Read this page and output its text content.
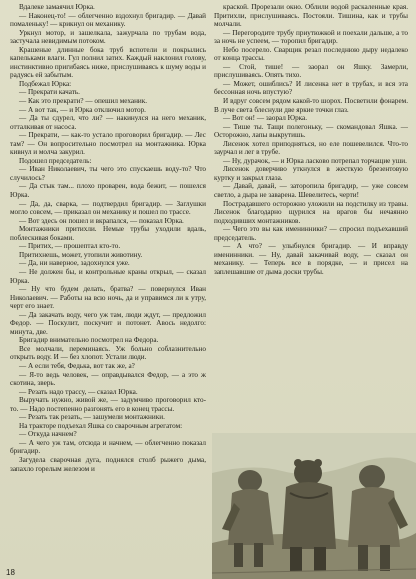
Вдалеке замаячил Юрка.

— Наконец-то! — облегченно вздохнул бригадир. — Давай помаленьку! — крикнул он механику.

Уркнул мотор, и зашелкала, зажурчала по трубам вода, застучала невидимым потоком.

Крашеные длинные бока труб вспотели и покрылись капельками влаги. Гул полнил затих. Каждый наклонил голову, инстинктивно пригибаясь ниже, прислушиваясь к шуму воды и радуясь ей забытым.

Подбежал Юрка:

— Прекрати качать.

— Как это прекрати? — опешил механик.

— А вот так, — и Юрка отключил мотор.

— Да ты сдурел, что ли? — накинулся на него механик, отталкивая от насоса.

— Прекрати, — как-то устало проговорил бригадир. — Лес там? — Он вопросительно посмотрел на монтажника. Юрка кивнул и молча закурил.

Подошел председатель:

— Иван Николаевич, ты чего это спускаешь воду-то? Что случилось?

— Да стык там... плохо проварен, вода бежит, — пошелся Юрка.

— Да, да, сварка, — подтвердил бригадир. — Заглушки могло совсем, — приказал он механику и пошел по трассе.

— Вот здесь он пошел и вкрапался, — показал Юрка.

Монтажники притихли. Немые трубы уходили вдаль, поблескивая боками.

— Притих, — прошептал кто-то.

Притихнешь, может, утопили животину.

— Да, ни наверное, задохнулся уже.

— Не должен бы, и контрольные краны открыл, — сказал Юрка.

— Ну что будем делать, братва? — повернулся Иван Николаевич. — Работы на всю ночь, да и управимся ли к утру, черт его знает.

— Да закачать воду, чего уж там, люди ждут, — предложил Федор. — Поскулит, поскучит и потонет. Авось недолго: минута, две.

Бригадир внимательно посмотрел на Федора.

Все молчали, переминаясь. Уж больно соблазнительно открыть воду. И — без хлопот. Устали люди.

— А если тебя, Федька, вот так же, а?

— Я-то ведь человек, — оправдывался Федор, — а это ж скотина, зверь.

— Резать надо трассу, — сказал Юрка.

Выручать нужно, живой же, — задумчиво проговорил кто-то. — Надо постепенно разгонять его в конец трассы.

— Резать так резать, — зашумели монтажники.

На тракторе подъехал Яшка со сварочным агрегатом:

— Откуда начнем?

— А чего уж там, отсюда и начнем, — облегченно показал бригадир.

Загудела сварочная дуга, поднялся столб рыжего дыма, запахло горелым железом и

краской. Прорезали окно. Облили водой раскаленные края. Притихли, прислушиваясь. Постояли. Тишина, как и трубы молчали.

— Перегородите трубу приутюжкой и поехали дальше, а то за ночь не успеем, — торопил бригадир.

Небо посерело. Сварщик резал последнюю дыру недалеко от конца трассы.

— Стой, тише! — заорал он Яшку. Замерли, прислушиваясь. Опять тихо.

— Может, ошиблись? И лисенка нет в трубах, и вся эта бессонная ночь впустую?

И вдруг совсем рядом какой-то шорох. Посветили фонарем. В луче света блеснули две яркие точки глаз.

— Вот он! — заорал Юрка.

— Тише ты. Тащи полегоньку, — скомандовал Яшка. — Осторожно, лапы выкрутишь.

Лисенок хотел приподняться, но еле пошевелился. Что-то заурчал и лег в трубе.

— Ну, дурачок, — и Юрка ласково потрепал торчащие уши.

Лисенок доверчиво уткнулся в жесткую брезентовую куртку и закрыл глаза.

— Давай, давай, — заторопила бригадир, — уже совсем светло, а дыра не заварена. Шевелитесь, черти!

Пострадавшего осторожно уложили на подстилку из травы. Лисенок благодарно щурился на врагов бы нечаянно подходивших монтажников.

— Чего это вы как именинники? — спросил подъехавший председатель.

— А что? — улыбнулся бригадир. — И вправду именинники. — Ну, давай закачивай воду, — сказал он механику. — Теперь все в порядке, — и присел на заплешавшие от дыма доски трубы.

18
